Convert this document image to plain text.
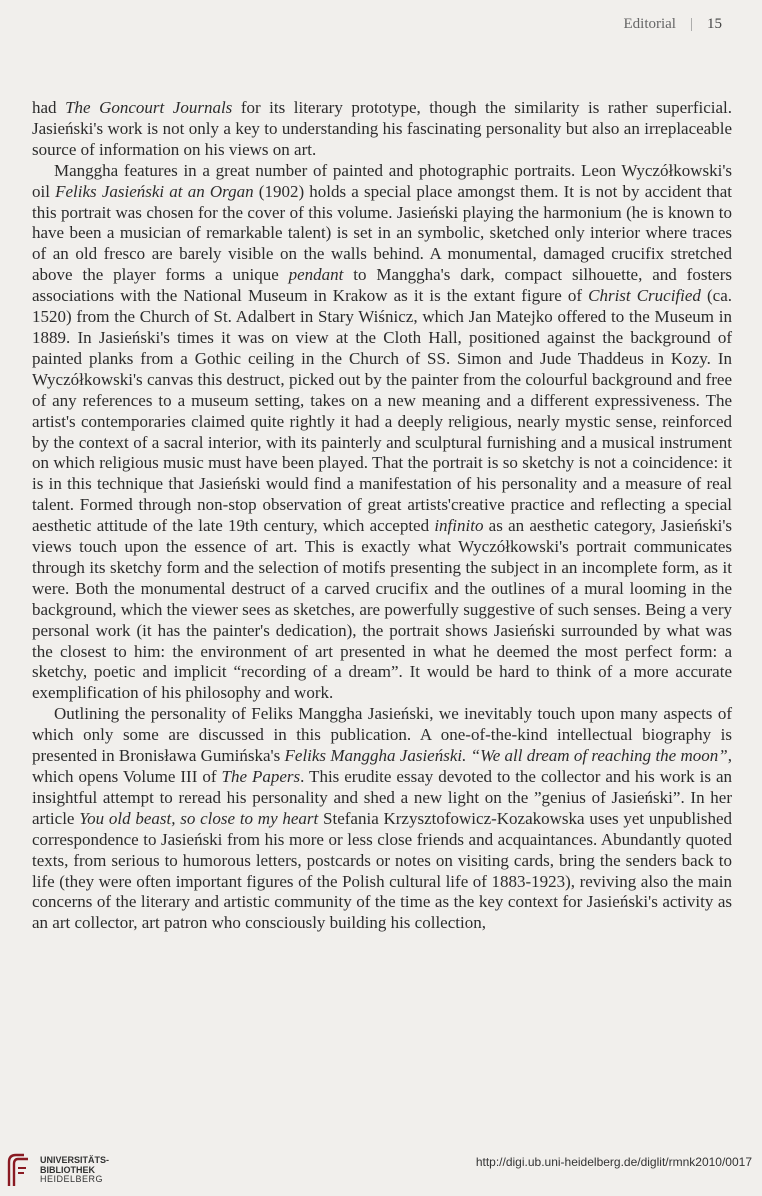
Editorial | 15

had The Goncourt Journals for its literary prototype, though the similarity is rather superficial. Jasieński's work is not only a key to understanding his fascinating personality but also an irreplaceable source of information on his views on art.

Manggha features in a great number of painted and photographic portraits. Leon Wyczółkowski's oil Feliks Jasieński at an Organ (1902) holds a special place amongst them. It is not by accident that this portrait was chosen for the cover of this volume. Jasieński playing the harmonium (he is known to have been a musician of remarkable talent) is set in an symbolic, sketched only interior where traces of an old fresco are barely visible on the walls behind. A monumental, damaged crucifix stretched above the player forms a unique pendant to Manggha's dark, compact silhouette, and fosters associations with the National Museum in Krakow as it is the extant figure of Christ Crucified (ca. 1520) from the Church of St. Adalbert in Stary Wiśnicz, which Jan Matejko offered to the Museum in 1889. In Jasieński's times it was on view at the Cloth Hall, positioned against the background of painted planks from a Gothic ceiling in the Church of SS. Simon and Jude Thaddeus in Kozy. In Wyczółkowski's canvas this destruct, picked out by the painter from the colourful background and free of any references to a museum setting, takes on a new meaning and a different expressiveness. The artist's contemporaries claimed quite rightly it had a deeply religious, nearly mystic sense, reinforced by the context of a sacral interior, with its painterly and sculptural furnishing and a musical instrument on which religious music must have been played. That the portrait is so sketchy is not a coincidence: it is in this technique that Jasieński would find a manifestation of his personality and a measure of real talent. Formed through non-stop observation of great artists'creative practice and reflecting a special aesthetic attitude of the late 19th century, which accepted infinito as an aesthetic category, Jasieński's views touch upon the essence of art. This is exactly what Wyczółkowski's portrait communicates through its sketchy form and the selection of motifs presenting the subject in an incomplete form, as it were. Both the monumental destruct of a carved crucifix and the outlines of a mural looming in the background, which the viewer sees as sketches, are powerfully suggestive of such senses. Being a very personal work (it has the painter's dedication), the portrait shows Jasieński surrounded by what was the closest to him: the environment of art presented in what he deemed the most perfect form: a sketchy, poetic and implicit “recording of a dream”. It would be hard to think of a more accurate exemplification of his philosophy and work.

Outlining the personality of Feliks Manggha Jasieński, we inevitably touch upon many aspects of which only some are discussed in this publication. A one-of-the-kind intellectual biography is presented in Bronisława Gumińska's Feliks Manggha Jasieński. “We all dream of reaching the moon”, which opens Volume III of The Papers. This erudite essay devoted to the collector and his work is an insightful attempt to reread his personality and shed a new light on the ”genius of Jasieński”. In her article You old beast, so close to my heart Stefania Krzysztofowicz-Kozakowska uses yet unpublished correspondence to Jasieński from his more or less close friends and acquaintances. Abundantly quoted texts, from serious to humorous letters, postcards or notes on visiting cards, bring the senders back to life (they were often important figures of the Polish cultural life of 1883-1923), reviving also the main concerns of the literary and artistic community of the time as the key context for Jasieński's activity as an art collector, art patron who consciously building his collection,

UNIVERSITÄTS-
BIBLIOTHEK
HEIDELBERG
http://digi.ub.uni-heidelberg.de/diglit/rmnk2010/0017
